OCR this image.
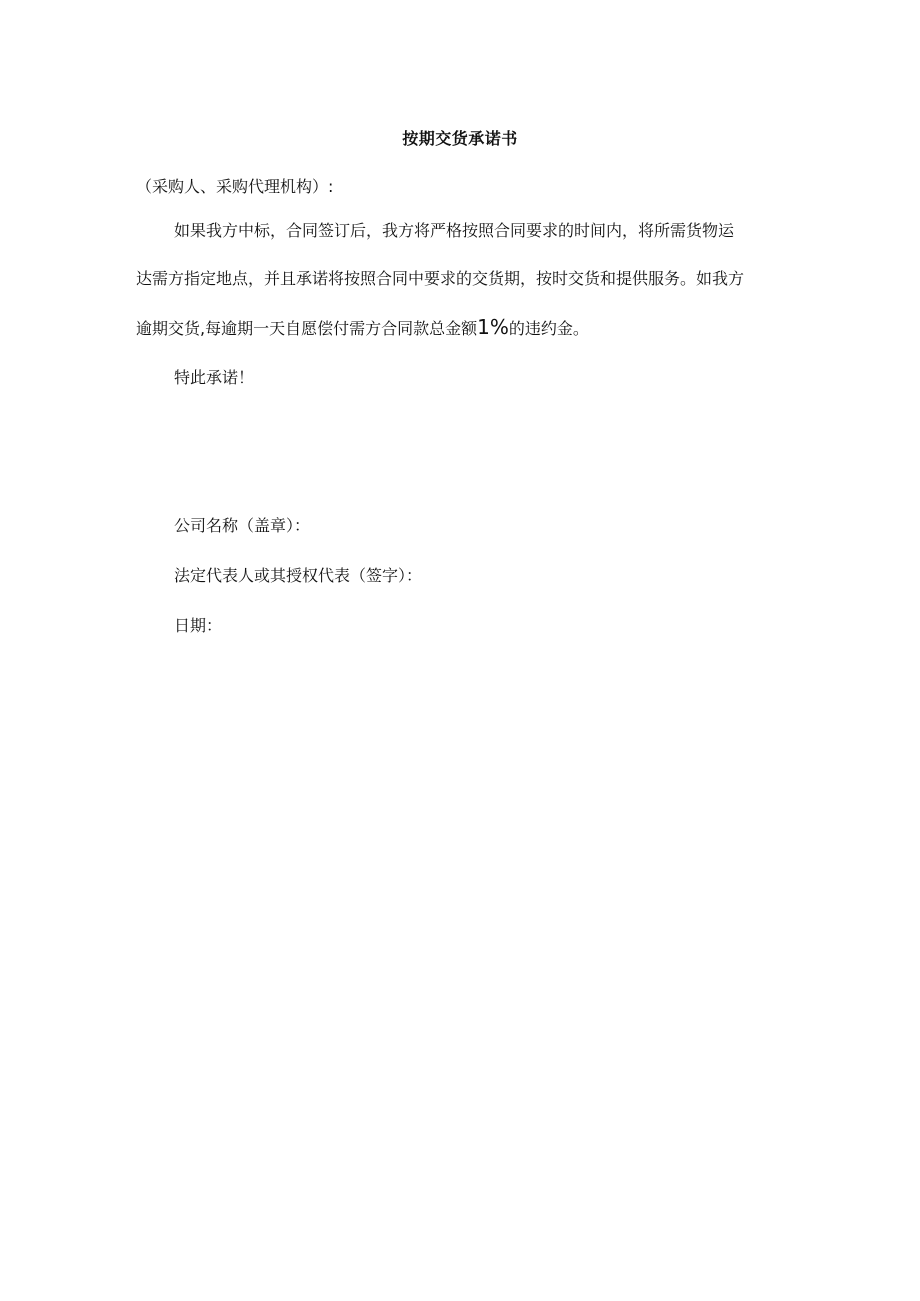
按期交货承诺书
（采购人、采购代理机构）:
如果我方中标，合同签订后，我方将严格按照合同要求的时间内，将所需货物运
达需方指定地点，并且承诺将按照合同中要求的交货期，按时交货和提供服务。如我方
逾期交货,每逾期一天自愿偿付需方合同款总金额1%的违约金。
特此承诺！
公司名称（盖章）：
法定代表人或其授权代表（签字）：
日期：
